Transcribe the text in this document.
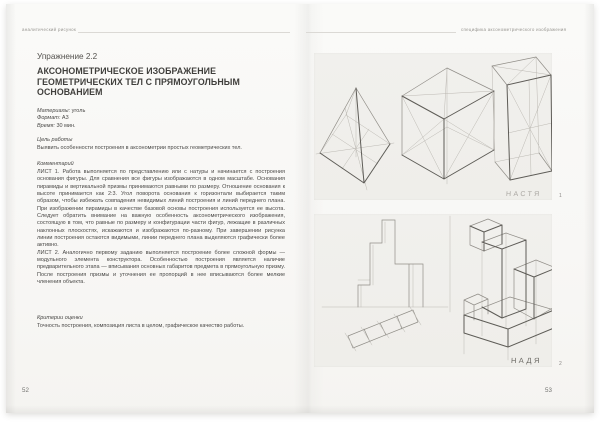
аналитический рисунок
Упражнение 2.2
АКСОНОМЕТРИЧЕСКОЕ ИЗОБРАЖЕНИЕ ГЕОМЕТРИЧЕСКИХ ТЕЛ С ПРЯМОУГОЛЬНЫМ ОСНОВАНИЕМ
Материалы: уголь
Формат: А3
Время: 30 мин.
Цель работы
Выявить особенности построения в аксонометрии простых геометрических тел.
Комментарий

ЛИСТ 1. Работа выполняется по представлению или с натуры и начинается с построения основания фигуры. Для сравнения все фигуры изображаются в одном масштабе. Основания пирамиды и вертикальной призмы принимаются равными по размеру. Отношение основания к высоте принимается как 2:3. Угол поворота основания к горизонтали выбирается таким образом, чтобы избежать совпадения невидимых линий построения и линий переднего плана. При изображении пирамиды в качестве базовой основы построения используется ее высота. Следует обратить внимание на важную особенность аксонометрического изображения, состоящую в том, что равные по размеру и конфигурации части фигур, лежащие в различных наклонных плоскостях, искажаются и изображаются по-разному. При завершении рисунка линии построения остаются видимыми, линии переднего плана выделяются графически более активно.

ЛИСТ 2. Аналогично первому заданию выполняется построение более сложной формы — модульного элемента конструктора. Особенностью построения является наличие предварительного этапа — вписывания основных габаритов предмета в прямоугольную призму. После построения призмы и уточнения ее пропорций в нее вписываются более мелкие членения объекта.

Критерии оценки
Точность построения, композиция листа в целом, графическое качество работы.
52
специфика аксонометрического изображения
НАСТЯ	1
НАДЯ	2
53
